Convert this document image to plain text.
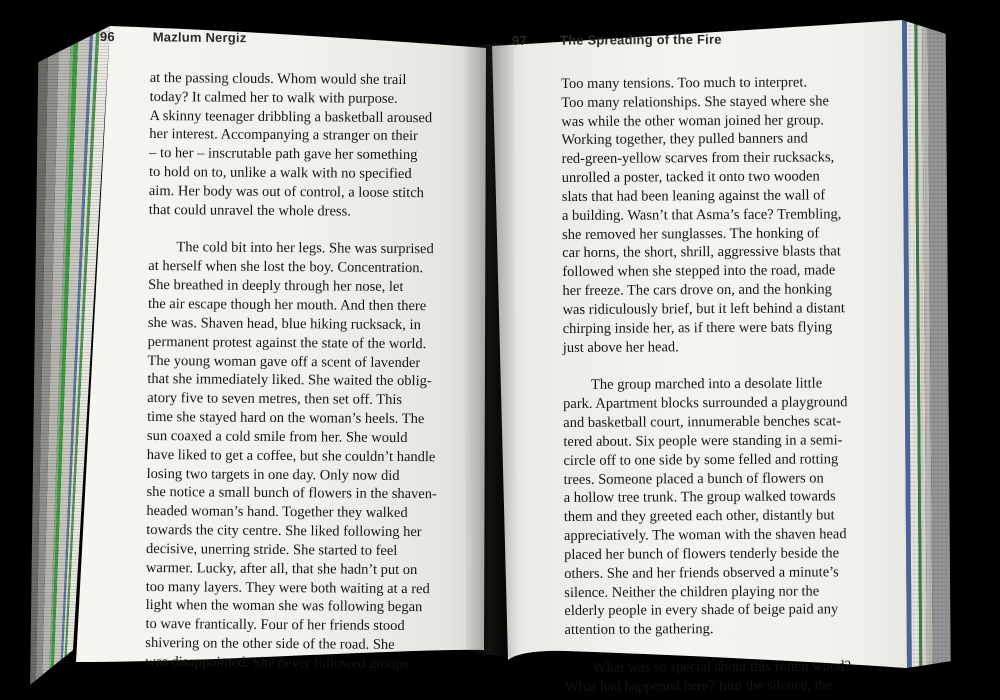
96	Mazlum Nergiz

at the passing clouds. Whom would she trail
today? It calmed her to walk with purpose.
A skinny teenager dribbling a basketball aroused
her interest. Accompanying a stranger on their
– to her – inscrutable path gave her something
to hold on to, unlike a walk with no specified
aim. Her body was out of control, a loose stitch
that could unravel the whole dress.

The cold bit into her legs. She was surprised
at herself when she lost the boy. Concentration.
She breathed in deeply through her nose, let
the air escape though her mouth. And then there
she was. Shaven head, blue hiking rucksack, in
permanent protest against the state of the world.
The young woman gave off a scent of lavender
that she immediately liked. She waited the oblig-
atory five to seven metres, then set off. This
time she stayed hard on the woman’s heels. The
sun coaxed a cold smile from her. She would
have liked to get a coffee, but she couldn’t handle
losing two targets in one day. Only now did
she notice a small bunch of flowers in the shaven-
headed woman’s hand. Together they walked
towards the city centre. She liked following her
decisive, unerring stride. She started to feel
warmer. Lucky, after all, that she hadn’t put on
too many layers. They were both waiting at a red
light when the woman she was following began
to wave frantically. Four of her friends stood
shivering on the other side of the road. She
was disappointed. She never followed groups.

97	The Spreading of the Fire

Too many tensions. Too much to interpret.
Too many relationships. She stayed where she
was while the other woman joined her group.
Working together, they pulled banners and
red-green-yellow scarves from their rucksacks,
unrolled a poster, tacked it onto two wooden
slats that had been leaning against the wall of
a building. Wasn’t that Asma’s face? Trembling,
she removed her sunglasses. The honking of
car horns, the short, shrill, aggressive blasts that
followed when she stepped into the road, made
her freeze. The cars drove on, and the honking
was ridiculously brief, but it left behind a distant
chirping inside her, as if there were bats flying
just above her head.

The group marched into a desolate little
park. Apartment blocks surrounded a playground
and basketball court, innumerable benches scat-
tered about. Six people were standing in a semi-
circle off to one side by some felled and rotting
trees. Someone placed a bunch of flowers on
a hollow tree trunk. The group walked towards
them and they greeted each other, distantly but
appreciatively. The woman with the shaven head
placed her bunch of flowers tenderly beside the
others. She and her friends observed a minute’s
silence. Neither the children playing nor the
elderly people in every shade of beige paid any
attention to the gathering.

What was so special about this rotten wood?
What had happened here? Into the silence, the
